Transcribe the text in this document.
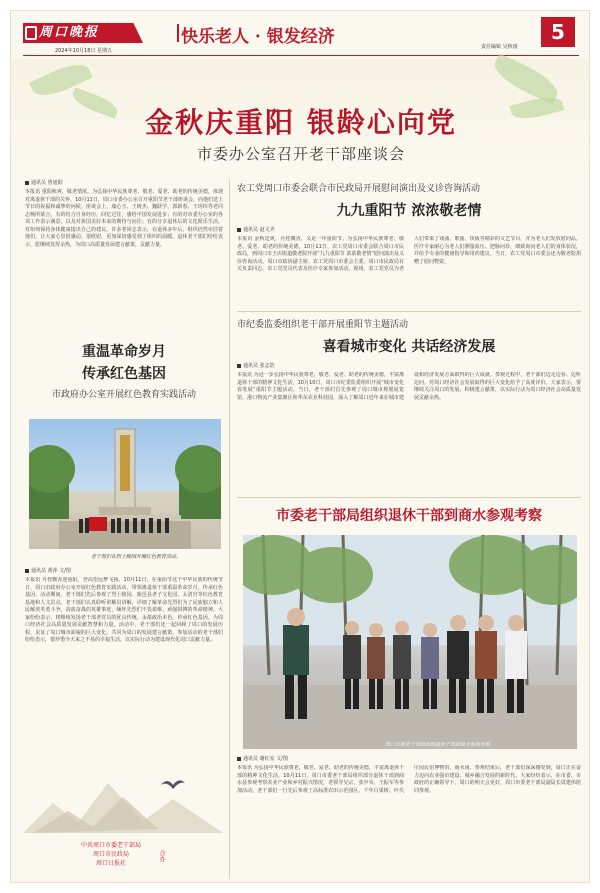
周口晚报
2024年10月18日 星期五
快乐老人 · 银发经济	责任编辑 吴秋雨
5
金秋庆重阳 银龄心向党
市委办公室召开老干部座谈会
通讯员 鲁旭阳
本报讯 重阳秋爽，敬老情浓。为弘扬中华民族尊老、敬老、爱老、助老的传统美德，体现对离退休干部的关怀，10月11日，周口市委办公室召开重阳节老干部座谈会，向他们送上节日的祝福和诚挚的问候。座谈会上，康心玉、王树杰、魏跃学、郭新春、王玥珲等老同志畅所欲言，有的结合自身经历，回忆过往，感悟中国发展进步；有的对市委办公室的各项工作表示满意，以及对祖国美好未来的期待与向往；有的分享退休后的文化娱乐生活，对如何保持身体健康提出自己的建议。许多老同志表示，在退休多年后，组织仍然牵挂着他们，让大家心里很感动，很欣慰，更加深切感受到了组织的温暖。退休老干部们纷纷表示，愿继续发挥余热，为周口高质量发展建言献策，贡献力量。
农工党周口市委会联合市民政局开展慰问演出及义诊咨询活动
九九重阳节 浓浓敬老情
通讯员 赵文齐
本报讯 金秋送爽，丹桂飘香，又是一年重阳节。为弘扬中华民族尊老、敬老、爱老、助老的传统美德，10月11日，农工党周口市委会联合周口市民政局，到周口市王店街道敬老院开展“九九重阳节 浓浓敬老情”慰问演出及义诊咨询活动。周口市政协副主席、农工党周口市委会主委、周口市民政局有关负责同志、农工党党员代表及医疗专家参加活动。现场，农工党党员为老人们带来了戏曲、歌曲、快板等精彩的文艺节目，并为老人们发放慰问品。医疗专家耐心为老人们测量血压、把脉问诊，细致询问老人们的身体状况，并给予专业的健康指导和用药建议。当日，农工党周口市委会还为敬老院捐赠了慰问物资。
重温革命岁月
传承红色基因
市政府办公室开展红色教育实践活动
老干部们在烈士陵园开展红色教育活动。
通讯员 黄萍 文/图
本报讯 丹桂飘香迎重阳，登高望远梦飞扬。10月11日，在重阳节这个中华民族的传统节日，周口市政府办公室开展红色教育实践活动，带领离退休干部重温革命岁月，传承红色基因。活动期间，老干部们先后参观了烈士陵园、鹿邑县老子文化园、太清宫等红色教育基地和人文景点。老干部们认真聆听讲解员讲解，详细了解革命先烈们为了民族独立和人民解放英勇斗争、浴血奋战的英雄事迹，缅怀先烈们不畏艰难、顽强拼搏的革命精神。大家纷纷表示，将继续发扬老干部老党员的优良传统，永葆政治本色，传承红色基因，为周口经济社会高质量发展贡献智慧和力量。活动中，老干部们还一起回顾了周口的发展历程，见证了周口城市面貌的巨大变化，共同为周口的发展建言献策。参加活动的老干部们纷纷表示，要珍惜今天来之不易的幸福生活，以实际行动为建设现代化周口贡献力量。
市纪委监委组织老干部开展重阳节主题活动
喜看城市变化 共话经济发展
通讯员 张志浩
本报讯 为进一步弘扬中华民族尊老、敬老、爱老、助老的传统美德，丰富离退休干部的精神文化生活，10月10日，周口市纪委监委组织开展“城市变化看发展”重阳节主题活动。当日，老干部们首先参观了周口城市规划展览馆、港口物流产业集聚区和华东农业科技园，深入了解周口近年来在城市建设和经济发展方面取得的巨大成就。参观过程中，老干部们边走边看、边听边问，对周口经济社会发展取得的巨大变化给予了高度评价。大家表示，要继续关注周口的发展，积极建言献策，以实际行动为周口经济社会高质量发展贡献余热。
市委老干部局组织退休干部到商水参观考察
周口市委老干部局组织退休干部到商水参观考察。
通讯员 谢红室 文/图
本报讯 为弘扬中华民族尊老、敬老、爱老、助老的传统美德，丰富离退休干部的精神文化生活，10月11日，周口市委老干部局组织部分退休干部到商水县参观考察农业产业和乡村振兴情况，老领导吴宗，张中央、王振军等参加活动。老干部们一行先后参观了高标准农田示范园区、千年白果树、叶氏庄园民俗博物馆、商水南、参观结束后，老干部们深深感受到，周口正在奋力迈向农业强市建设、城乡融合发展的新时代。大家纷纷表示，在市委、市政府的正确领导下，周口的明天会更好，周口市委老干部局副局长周建伟陪同参观。
中共周口市委老干部局
周口市民政局
周口日报社
合办
